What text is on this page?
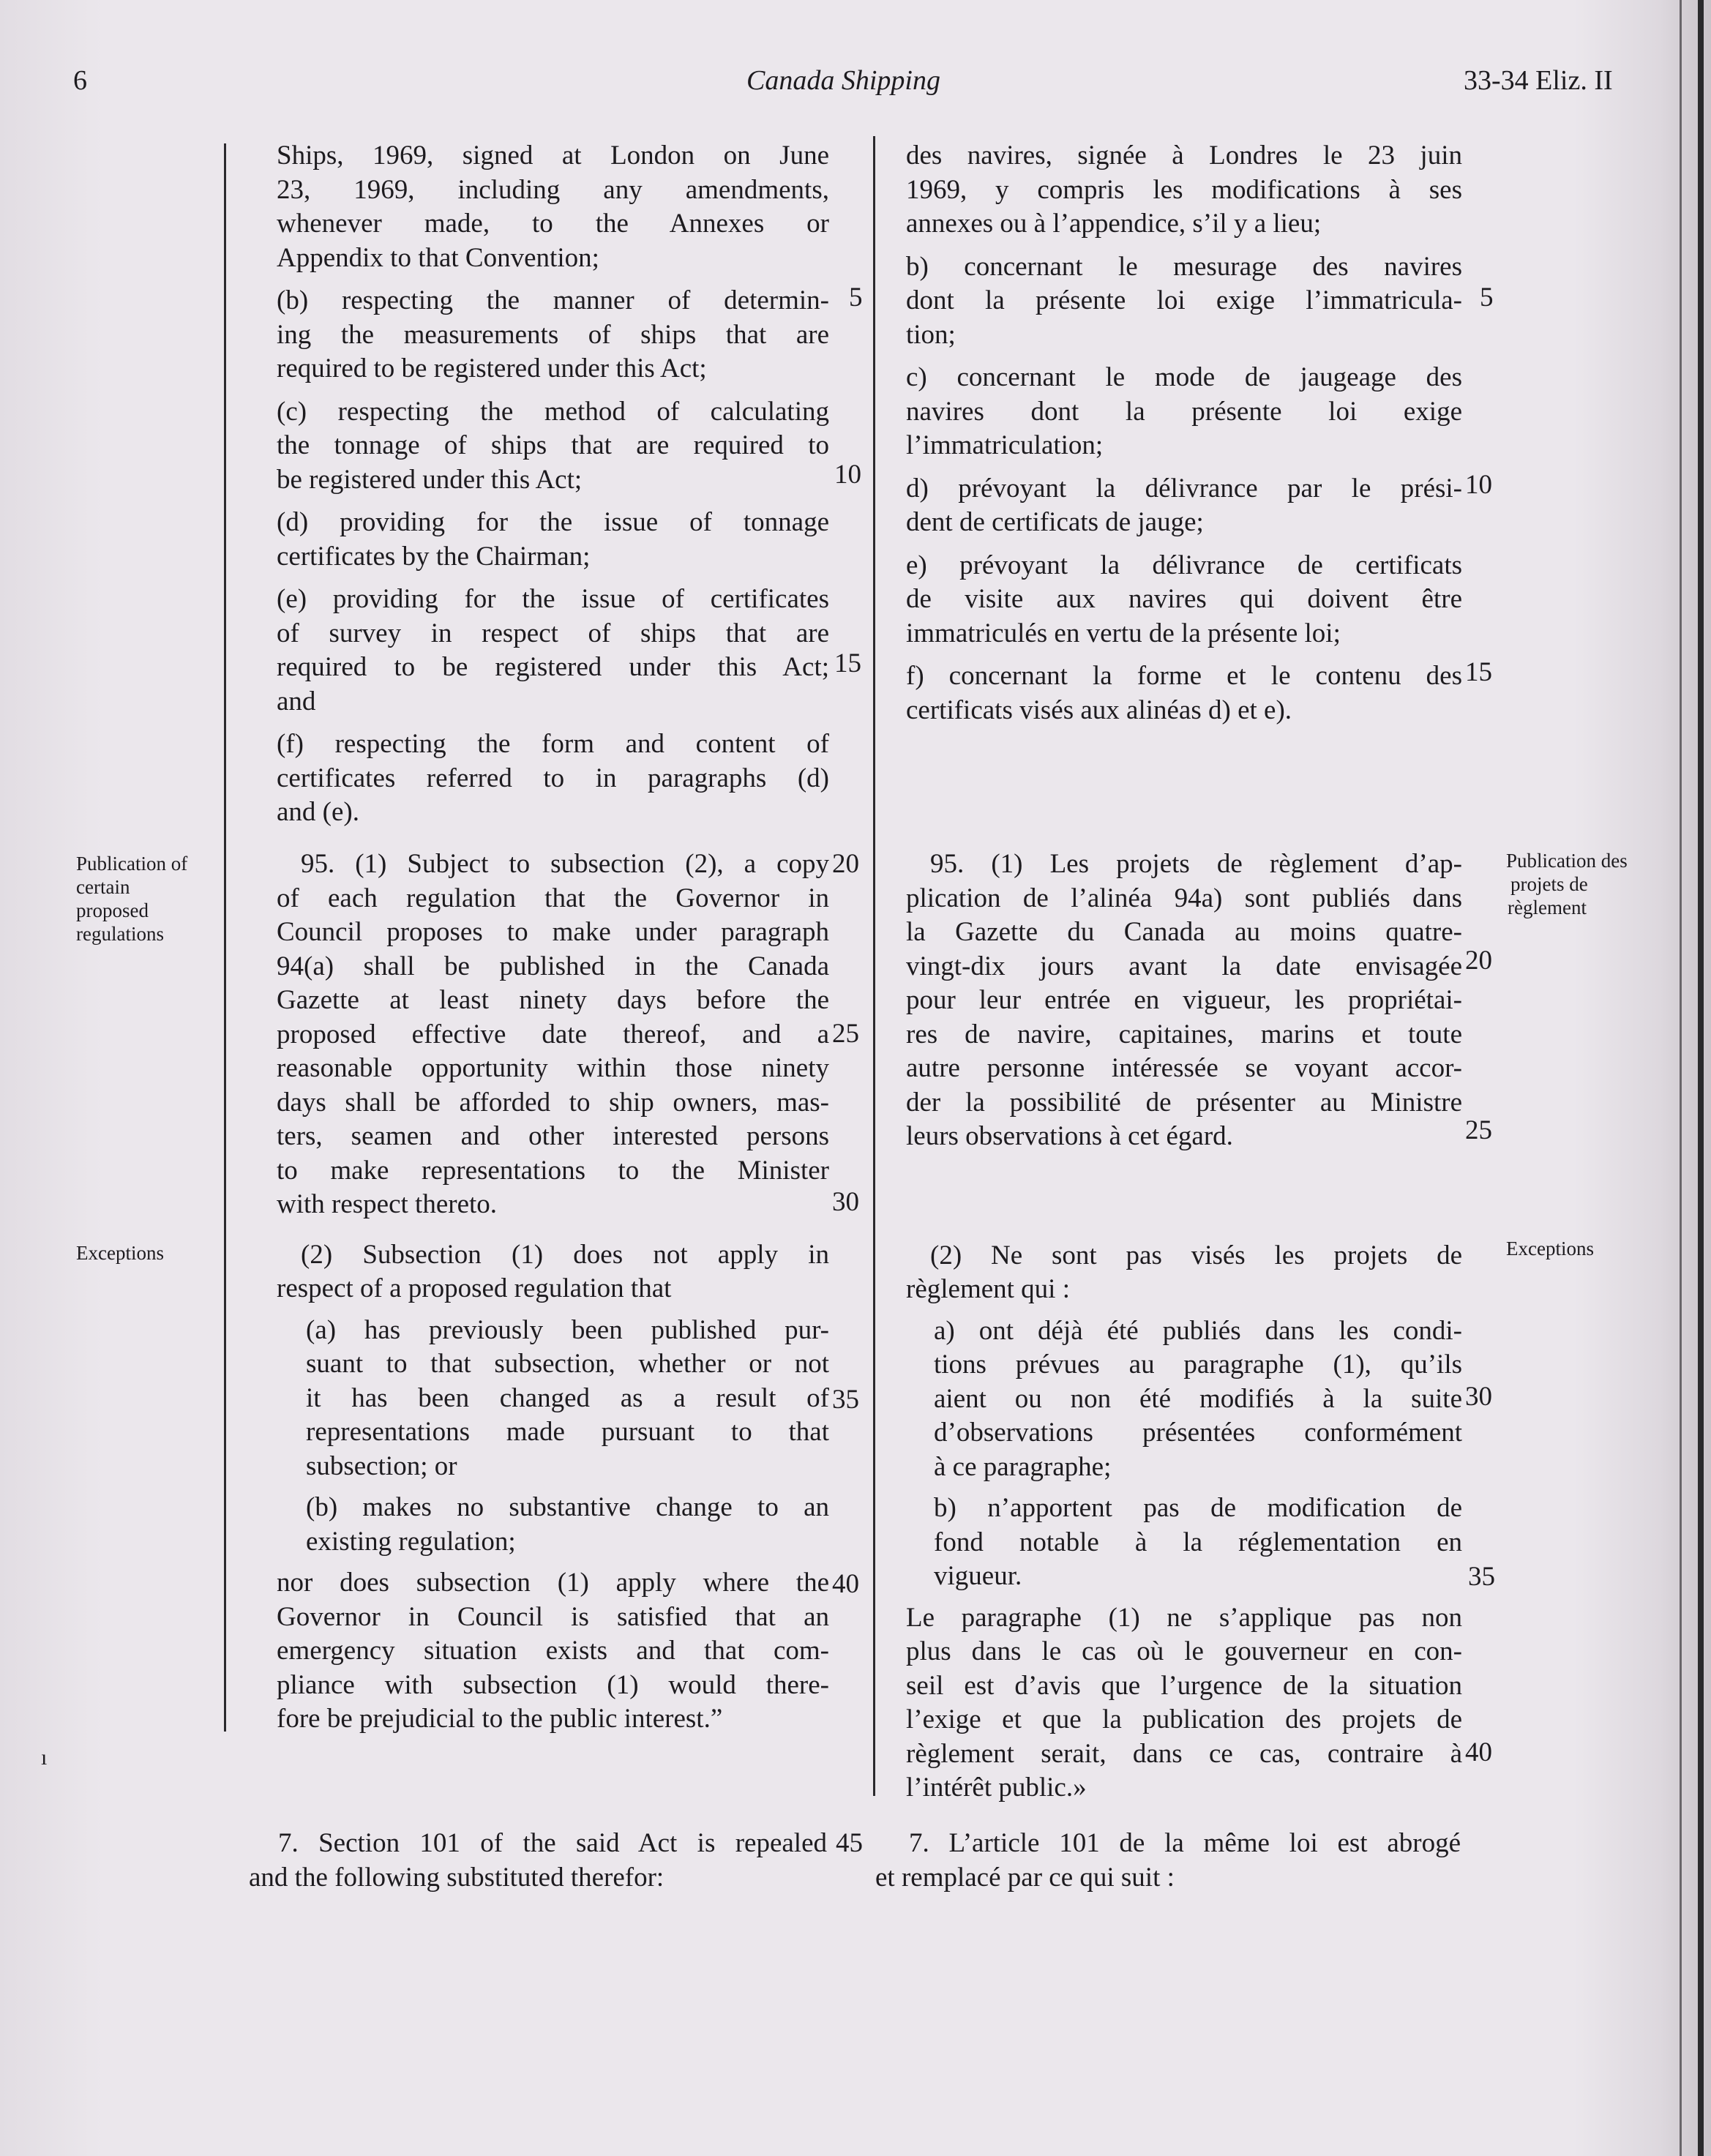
6	Canada Shipping	33-34 Eliz. II
Ships, 1969, signed at London on June
23, 1969, including any amendments,
whenever made, to the Annexes or
Appendix to that Convention;
(b) respecting the manner of determin-
ing the measurements of ships that are
required to be registered under this Act;
(c) respecting the method of calculating
the tonnage of ships that are required to
be registered under this Act;
(d) providing for the issue of tonnage
certificates by the Chairman;
(e) providing for the issue of certificates
of survey in respect of ships that are
required to be registered under this Act;
and
(f) respecting the form and content of
certificates referred to in paragraphs (d)
and (e).
95. (1) Subject to subsection (2), a copy
of each regulation that the Governor in
Council proposes to make under paragraph
94(a) shall be published in the Canada
Gazette at least ninety days before the
proposed effective date thereof, and a
reasonable opportunity within those ninety
days shall be afforded to ship owners, mas-
ters, seamen and other interested persons
to make representations to the Minister
with respect thereto.
(2) Subsection (1) does not apply in
respect of a proposed regulation that
(a) has previously been published pur-
suant to that subsection, whether or not
it has been changed as a result of
representations made pursuant to that
subsection; or
(b) makes no substantive change to an
existing regulation;
nor does subsection (1) apply where the
Governor in Council is satisfied that an
emergency situation exists and that com-
pliance with subsection (1) would there-
fore be prejudicial to the public interest.”
7. Section 101 of the said Act is repealed
and the following substituted therefor:
des navires, signée à Londres le 23 juin
1969, y compris les modifications à ses
annexes ou à l’appendice, s’il y a lieu;
b) concernant le mesurage des navires
dont la présente loi exige l’immatricula-
tion;
c) concernant le mode de jaugeage des
navires dont la présente loi exige
l’immatriculation;
d) prévoyant la délivrance par le prési-
dent de certificats de jauge;
e) prévoyant la délivrance de certificats
de visite aux navires qui doivent être
immatriculés en vertu de la présente loi;
f) concernant la forme et le contenu des
certificats visés aux alinéas d) et e).
95. (1) Les projets de règlement d’ap-
plication de l’alinéa 94a) sont publiés dans
la Gazette du Canada au moins quatre-
vingt-dix jours avant la date envisagée
pour leur entrée en vigueur, les propriétai-
res de navire, capitaines, marins et toute
autre personne intéressée se voyant accor-
der la possibilité de présenter au Ministre
leurs observations à cet égard.
(2) Ne sont pas visés les projets de
règlement qui :
a) ont déjà été publiés dans les condi-
tions prévues au paragraphe (1), qu’ils
aient ou non été modifiés à la suite
d’observations présentées conformément
à ce paragraphe;
b) n’apportent pas de modification de
fond notable à la réglementation en
vigueur.
Le paragraphe (1) ne s’applique pas non
plus dans le cas où le gouverneur en con-
seil est d’avis que l’urgence de la situation
l’exige et que la publication des projets de
règlement serait, dans ce cas, contraire à
l’intérêt public.»
7. L’article 101 de la même loi est abrogé
et remplacé par ce qui suit :
5
10
15
20
25
30
35
40
45
5
10
15
20
25
30
35
40
Publication of
certain
proposed
regulations
Exceptions
Publication des
projets de
règlement
Exceptions
ı
